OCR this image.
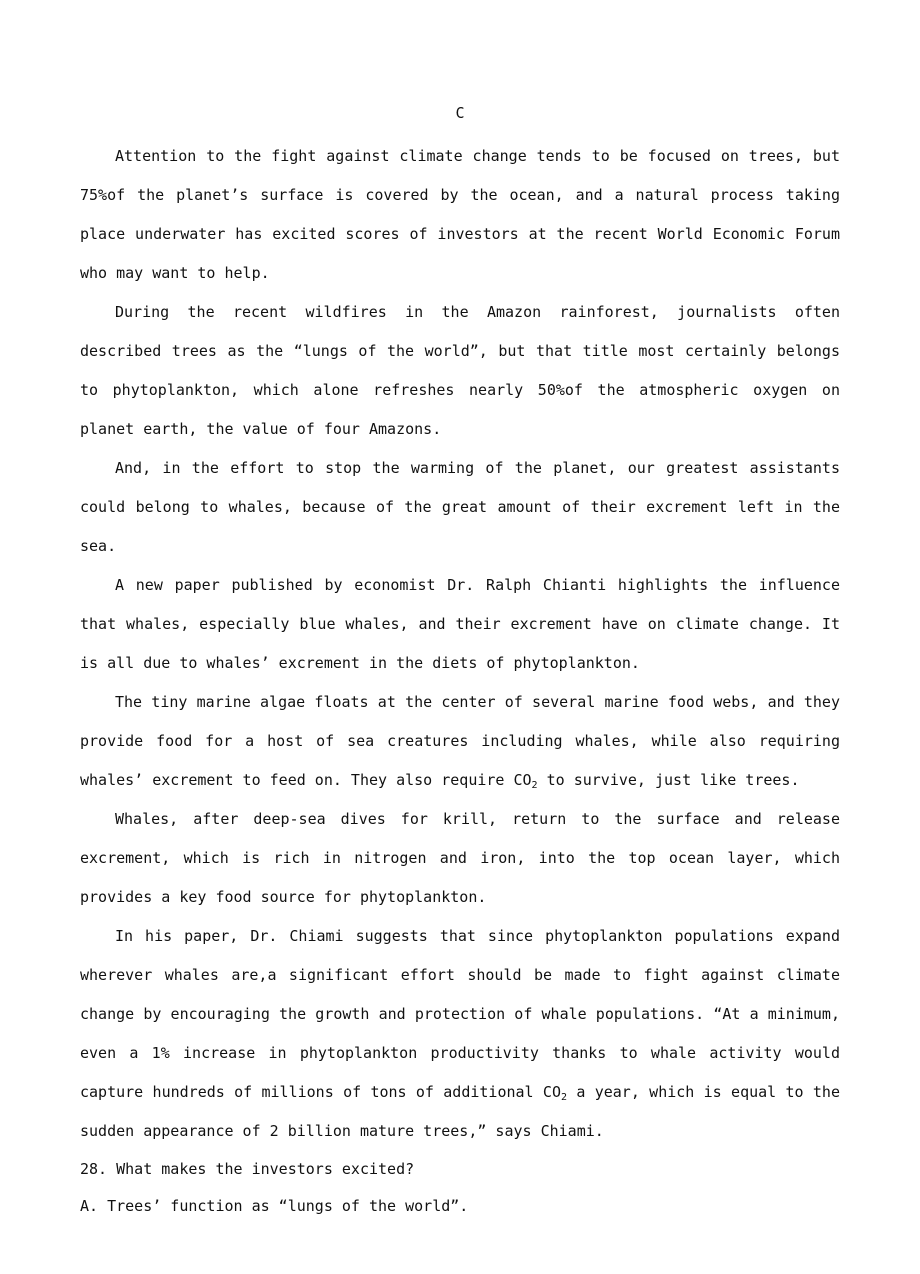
C

Attention to the fight against climate change tends to be focused on trees, but 75%of the planet’s surface is covered by the ocean, and a natural process taking place underwater has excited scores of investors at the recent World Economic Forum who may want to help.

During the recent wildfires in the Amazon rainforest, journalists often described trees as the “lungs of the world”, but that title most certainly belongs to phytoplankton, which alone refreshes nearly 50%of the atmospheric oxygen on planet earth, the value of four Amazons.

And, in the effort to stop the warming of the planet, our greatest assistants could belong to whales, because of the great amount of their excrement left in the sea.

A new paper published by economist Dr. Ralph Chianti highlights the influence that whales, especially blue whales, and their excrement have on climate change. It is all due to whales’ excrement in the diets of phytoplankton.

The tiny marine algae floats at the center of several marine food webs, and they provide food for a host of sea creatures including whales, while also requiring whales’ excrement to feed on. They also require $CO_2$ to survive, just like trees.

Whales, after deep-sea dives for krill, return to the surface and release excrement, which is rich in nitrogen and iron, into the top ocean layer, which provides a key food source for phytoplankton.

In his paper, Dr. Chiami suggests that since phytoplankton populations expand wherever whales are,a significant effort should be made to fight against climate change by encouraging the growth and protection of whale populations. “At a minimum, even a 1% increase in phytoplankton productivity thanks to whale activity would capture hundreds of millions of tons of additional $CO_2$ a year, which is equal to the sudden appearance of 2 billion mature trees,” says Chiami.

28. What makes the investors excited?

A. Trees’ function as “lungs of the world”.
